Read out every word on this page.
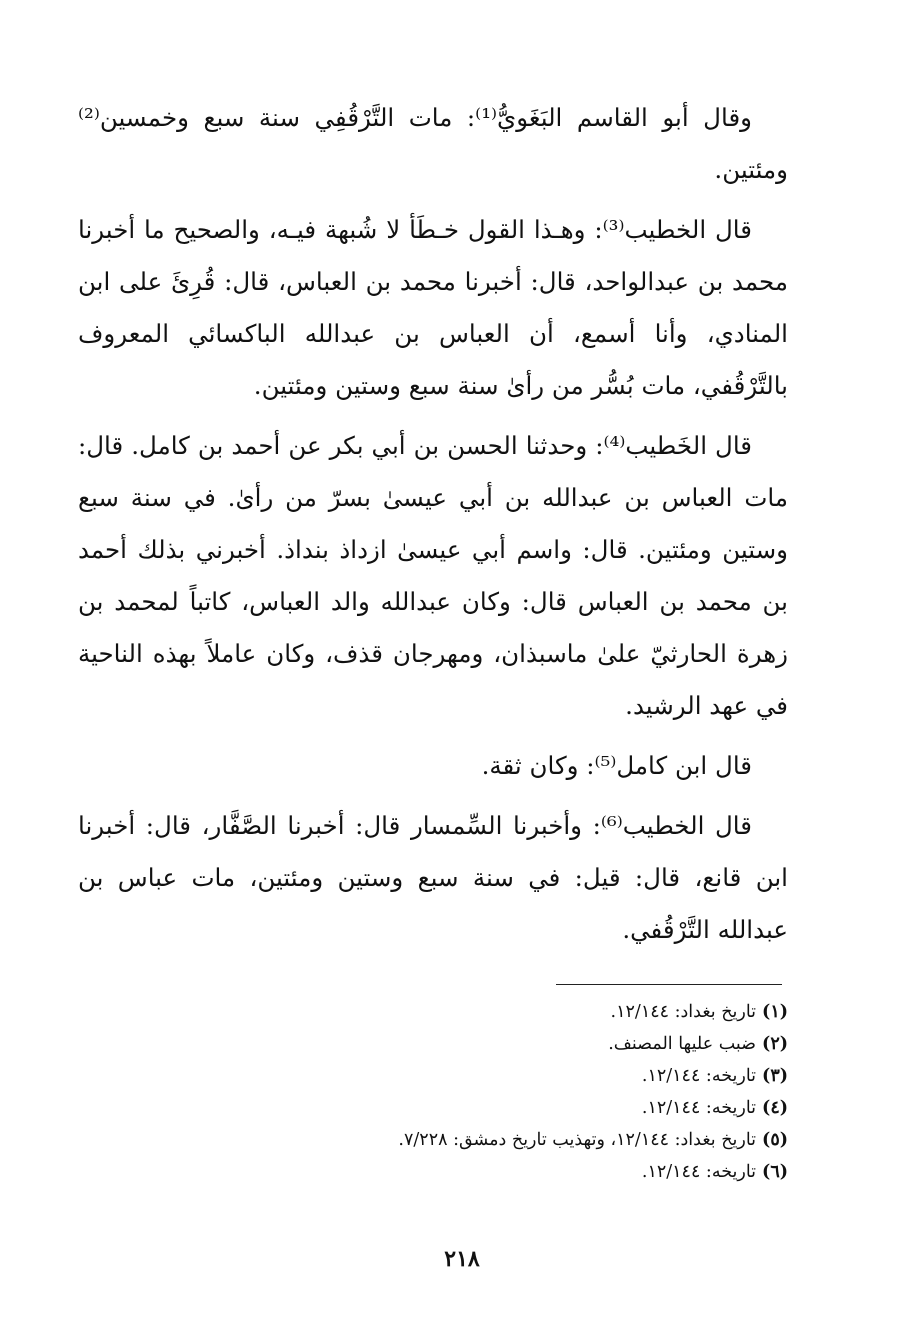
وقال أبو القاسم البَغَويُّ⁽¹⁾: مات التَّرْقُفِي سنة سبع وخمسين⁽²⁾ ومئتين.

قال الخطيب⁽³⁾: وهـذا القول خـطَأ لا شُبهة فيـه، والصحيح ما أخبرنا محمد بن عبدالواحد، قال: أخبرنا محمد بن العباس، قال: قُرِئَ على ابن المنادي، وأنا أسمع، أن العباس بن عبدالله الباكسائي المعروف بالتَّرْقُفي، مات بُسُّر من رأىٰ سنة سبع وستين ومئتين.

قال الخَطيب⁽⁴⁾: وحدثنا الحسن بن أبي بكر عن أحمد بن كامل. قال: مات العباس بن عبدالله بن أبي عيسىٰ بسرّ من رأىٰ. في سنة سبع وستين ومئتين. قال: واسم أبي عيسىٰ ازداذ بنداذ. أخبرني بذلك أحمد بن محمد بن العباس قال: وكان عبدالله والد العباس، كاتباً لمحمد بن زهرة الحارثيّ علىٰ ماسبذان، ومهرجان قذف، وكان عاملاً بهذه الناحية في عهد الرشيد.

قال ابن كامل⁽⁵⁾: وكان ثقة.

قال الخطيب⁽⁶⁾: وأخبرنا السِّمسار قال: أخبرنا الصَّفَّار، قال: أخبرنا ابن قانع، قال: قيل: في سنة سبع وستين ومئتين، مات عباس بن عبدالله التَّرْقُفي.

(١)تاريخ بغداد: ١٢/١٤٤.
(٢)ضبب عليها المصنف.
(٣)تاريخه: ١٢/١٤٤.
(٤)تاريخه: ١٢/١٤٤.
(٥)تاريخ بغداد: ١٢/١٤٤، وتهذيب تاريخ دمشق: ٧/٢٢٨.
(٦)تاريخه: ١٢/١٤٤.
٢١٨
